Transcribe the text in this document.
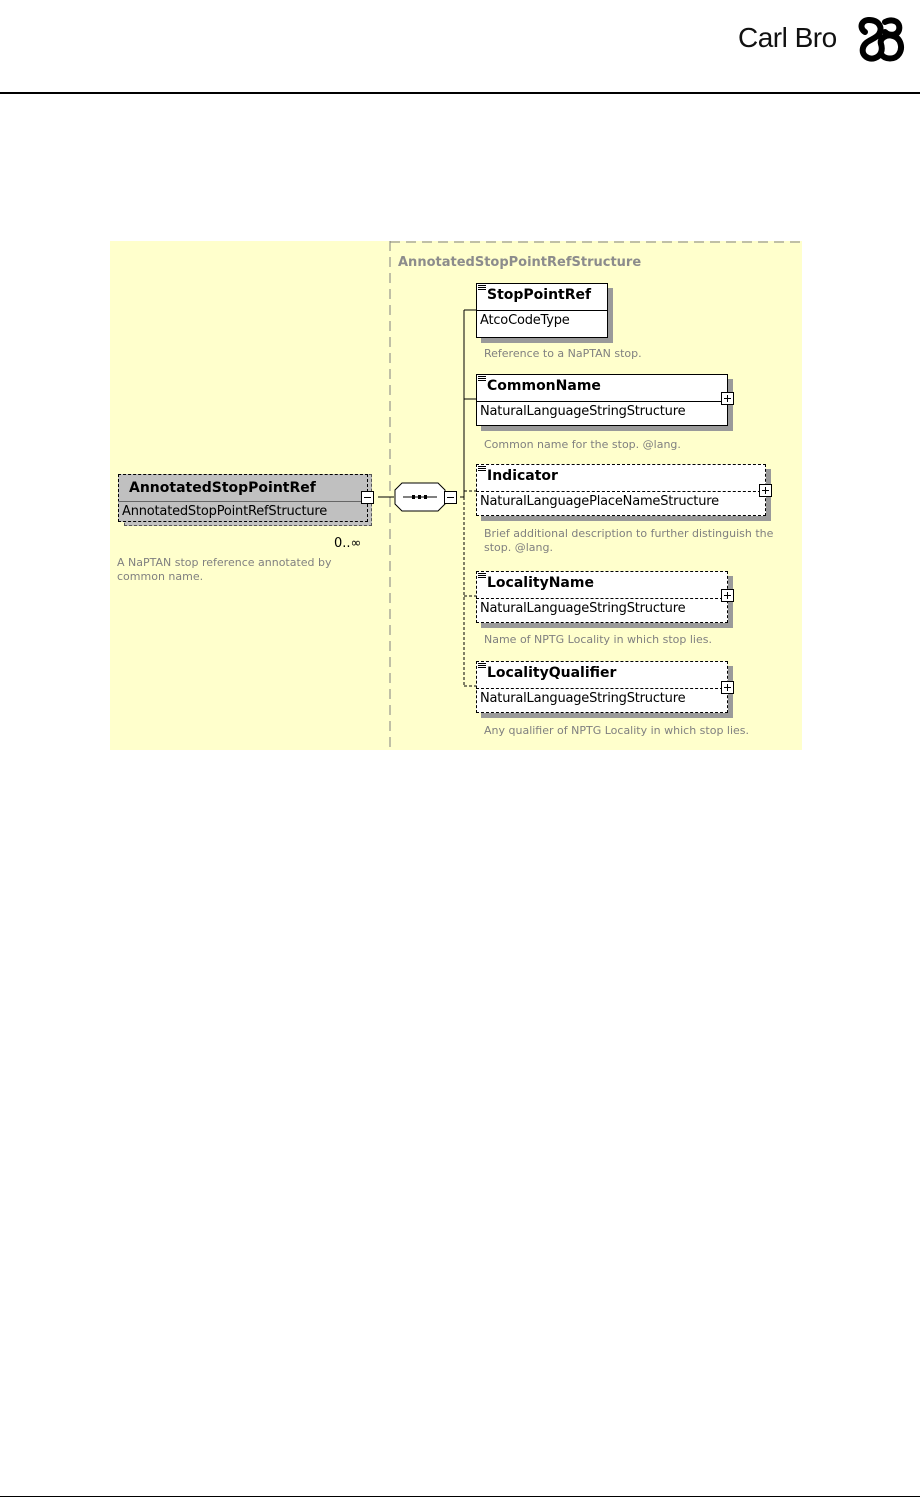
Carl Bro
AnnotatedStopPointRefStructure
AnnotatedStopPointRef
AnnotatedStopPointRefStructure
0..∞
A NaPTAN stop reference annotated by common name.
StopPointRef
AtcoCodeType
Reference to a NaPTAN stop.
CommonName
NaturalLanguageStringStructure
Common name for the stop. @lang.
Indicator
NaturalLanguagePlaceNameStructure
Brief additional description to further distinguish the stop. @lang.
LocalityName
NaturalLanguageStringStructure
Name of NPTG Locality in which stop lies.
LocalityQualifier
NaturalLanguageStringStructure
Any qualifier of NPTG Locality in which stop lies.
